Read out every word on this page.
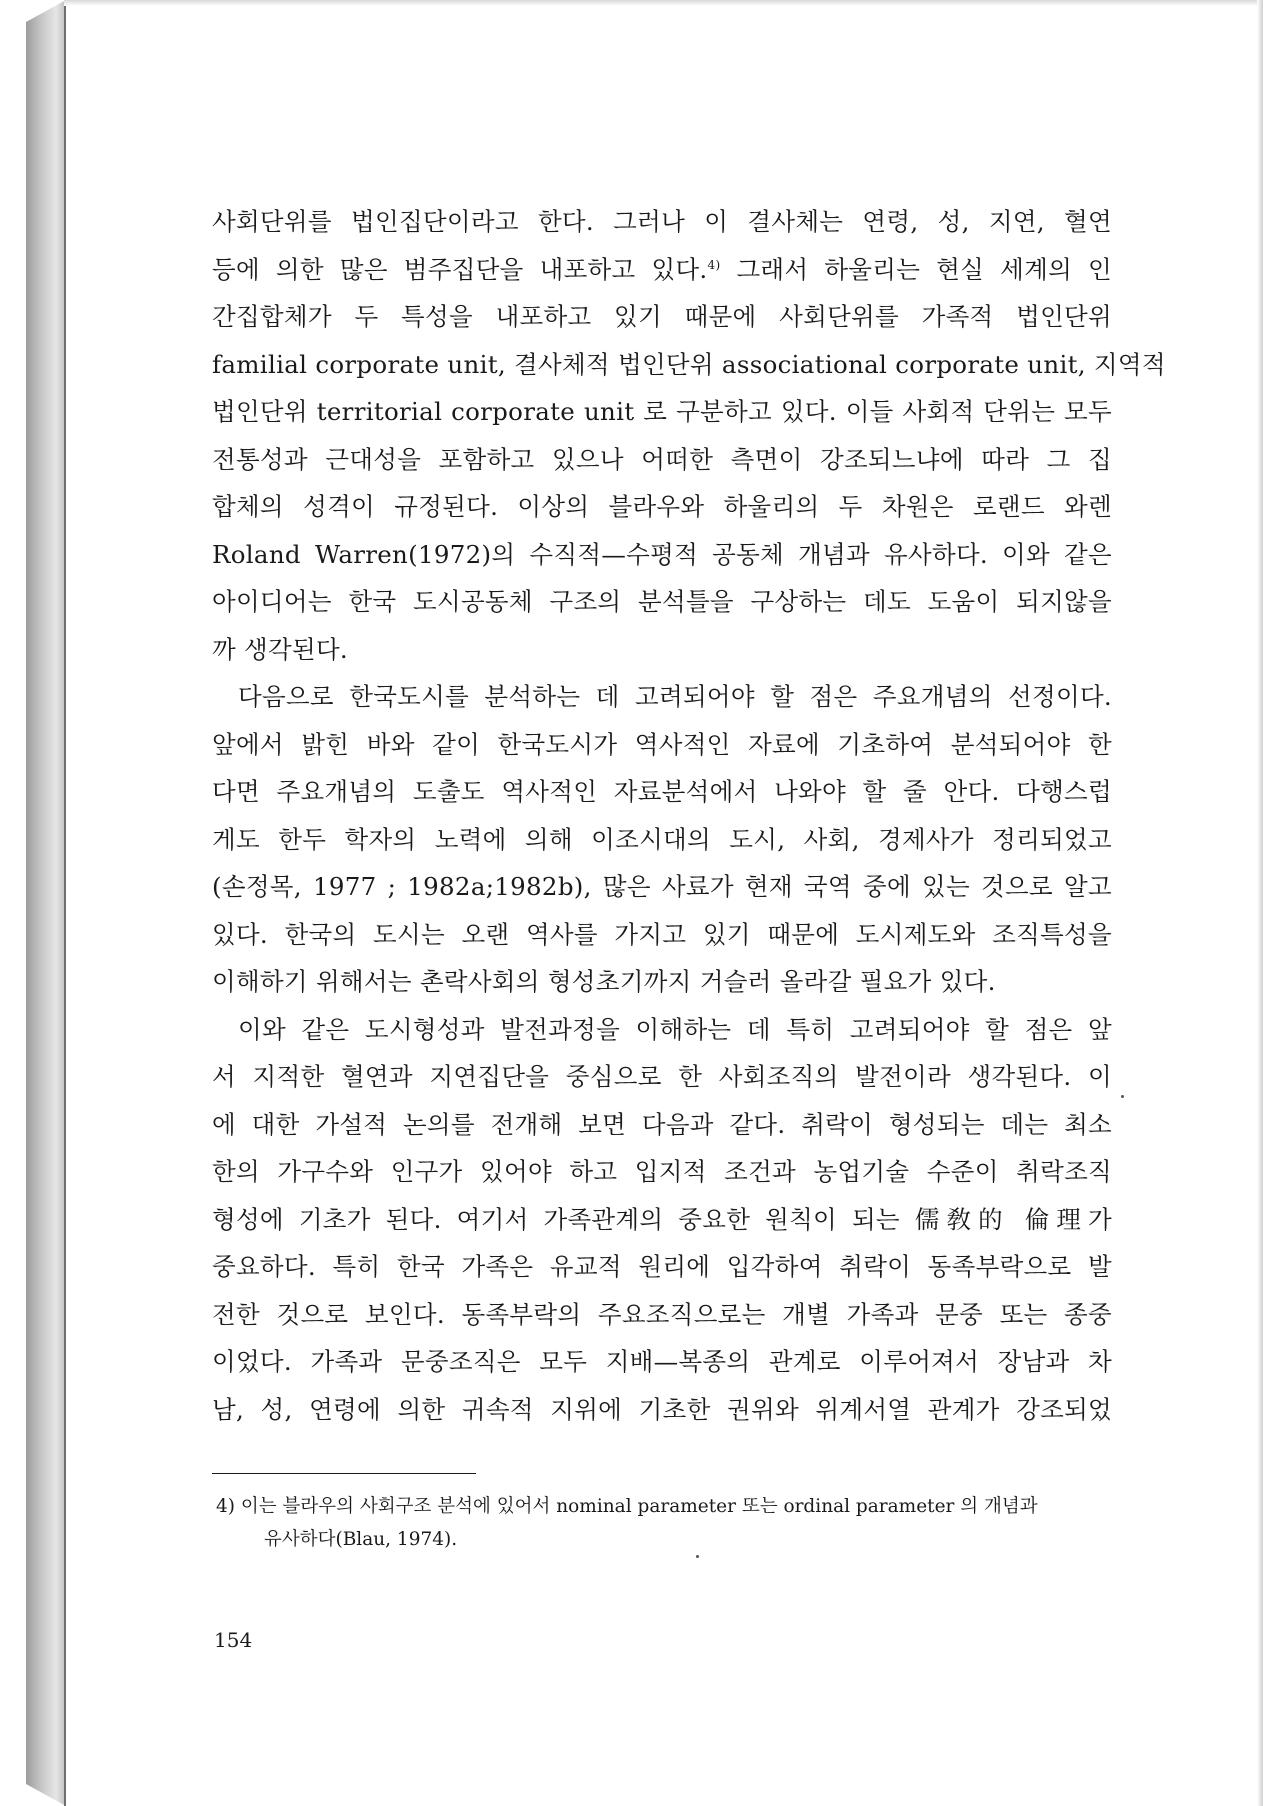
사회단위를 법인집단이라고 한다. 그러나 이 결사체는 연령, 성, 지연, 혈연
등에 의한 많은 범주집단을 내포하고 있다.$^{4)}$ 그래서 하울리는 현실 세계의 인
간집합체가 두 특성을 내포하고 있기 때문에 사회단위를 가족적 법인단위
familial corporate unit, 결사체적 법인단위 associational corporate unit, 지역적
법인단위 territorial corporate unit 로 구분하고 있다. 이들 사회적 단위는 모두
전통성과 근대성을 포함하고 있으나 어떠한 측면이 강조되느냐에 따라 그 집
합체의 성격이 규정된다. 이상의 블라우와 하울리의 두 차원은 로랜드 와렌
Roland Warren(1972)의 수직적—수평적 공동체 개념과 유사하다. 이와 같은
아이디어는 한국 도시공동체 구조의 분석틀을 구상하는 데도 도움이 되지않을
까 생각된다.
다음으로 한국도시를 분석하는 데 고려되어야 할 점은 주요개념의 선정이다.
앞에서 밝힌 바와 같이 한국도시가 역사적인 자료에 기초하여 분석되어야 한
다면 주요개념의 도출도 역사적인 자료분석에서 나와야 할 줄 안다. 다행스럽
게도 한두 학자의 노력에 의해 이조시대의 도시, 사회, 경제사가 정리되었고
(손정목, 1977 ; 1982a;1982b), 많은 사료가 현재 국역 중에 있는 것으로 알고
있다. 한국의 도시는 오랜 역사를 가지고 있기 때문에 도시제도와 조직특성을
이해하기 위해서는 촌락사회의 형성초기까지 거슬러 올라갈 필요가 있다.
이와 같은 도시형성과 발전과정을 이해하는 데 특히 고려되어야 할 점은 앞
서 지적한 혈연과 지연집단을 중심으로 한 사회조직의 발전이라 생각된다. 이
에 대한 가설적 논의를 전개해 보면 다음과 같다. 취락이 형성되는 데는 최소
한의 가구수와 인구가 있어야 하고 입지적 조건과 농업기술 수준이 취락조직
형성에 기초가 된다. 여기서 가족관계의 중요한 원칙이 되는 儒敎的 倫理가
중요하다. 특히 한국 가족은 유교적 원리에 입각하여 취락이 동족부락으로 발
전한 것으로 보인다. 동족부락의 주요조직으로는 개별 가족과 문중 또는 종중
이었다. 가족과 문중조직은 모두 지배—복종의 관계로 이루어져서 장남과 차
남, 성, 연령에 의한 귀속적 지위에 기초한 권위와 위계서열 관계가 강조되었
4) 이는 블라우의 사회구조 분석에 있어서 nominal parameter 또는 ordinal parameter 의 개념과
유사하다(Blau, 1974).
154
